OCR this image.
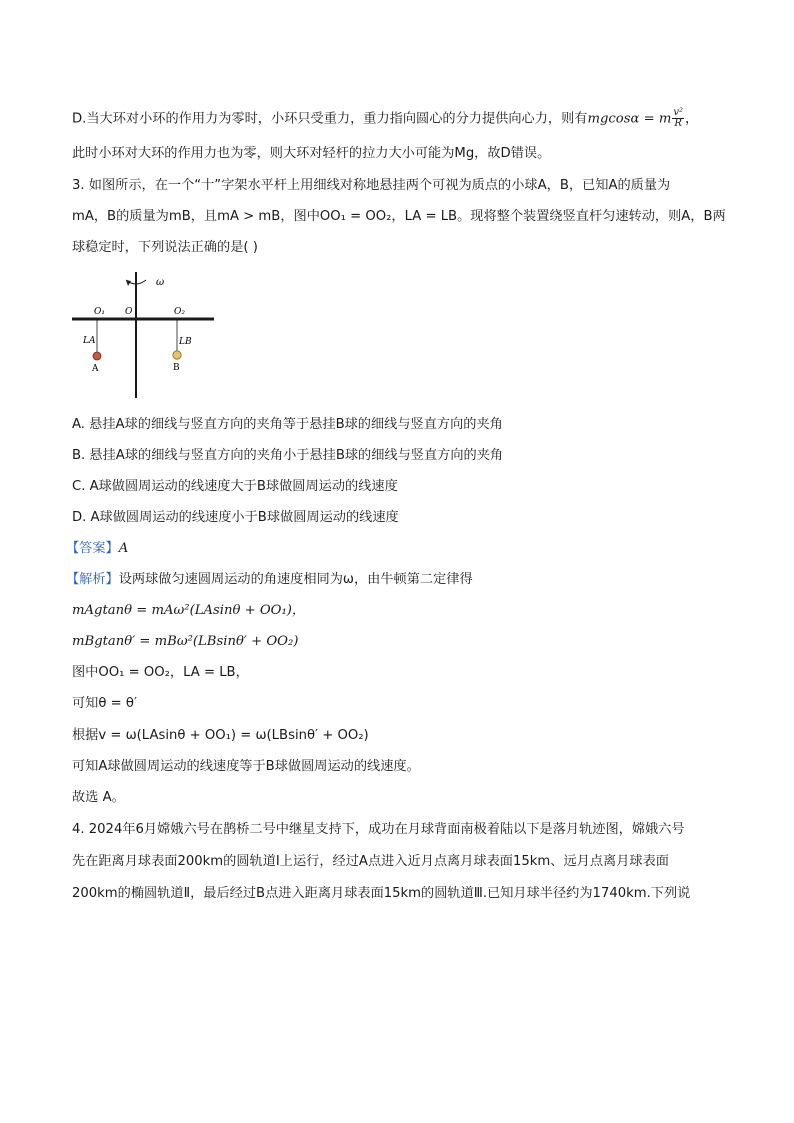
D.当大环对小环的作用力为零时，小环只受重力，重力指向圆心的分力提供向心力，则有mgcosα = m $\frac{\text{v²}}{R}$ ，
此时小环对大环的作用力也为零，则大环对轻杆的拉力大小可能为Mg，故D错误。
3. 如图所示，在一个“十”字架水平杆上用细线对称地悬挂两个可视为质点的小球A，B，已知A的质量为
mA，B的质量为mB，且mA > mB，图中OO₁ = OO₂，LA = LB。现将整个装置绕竖直杆匀速转动，则A，B两
球稳定时，下列说法正确的是( )
ω
O₁ O	O₂
LA	LB
A	B
A. 悬挂A球的细线与竖直方向的夹角等于悬挂B球的细线与竖直方向的夹角
B. 悬挂A球的细线与竖直方向的夹角小于悬挂B球的细线与竖直方向的夹角
C. A球做圆周运动的线速度大于B球做圆周运动的线速度
D. A球做圆周运动的线速度小于B球做圆周运动的线速度
【答案】A
【解析】设两球做匀速圆周运动的角速度相同为ω，由牛顿第二定律得
mAgtanθ = mAω²(LAsinθ + OO₁)，
mBgtanθ′ = mBω²(LBsinθ′ + OO₂)
图中OO₁ = OO₂，LA = LB，
可知θ = θ′
根据v = ω(LAsinθ + OO₁) = ω(LBsinθ′ + OO₂)
可知A球做圆周运动的线速度等于B球做圆周运动的线速度。
故选 A。
4. 2024年6月嫦娥六号在鹊桥二号中继星支持下，成功在月球背面南极着陆以下是落月轨迹图，嫦娥六号
先在距离月球表面200km的圆轨道Ⅰ上运行，经过A点进入近月点离月球表面15km、远月点离月球表面
200km的椭圆轨道Ⅱ，最后经过B点进入距离月球表面15km的圆轨道Ⅲ.已知月球半径约为1740km.下列说
